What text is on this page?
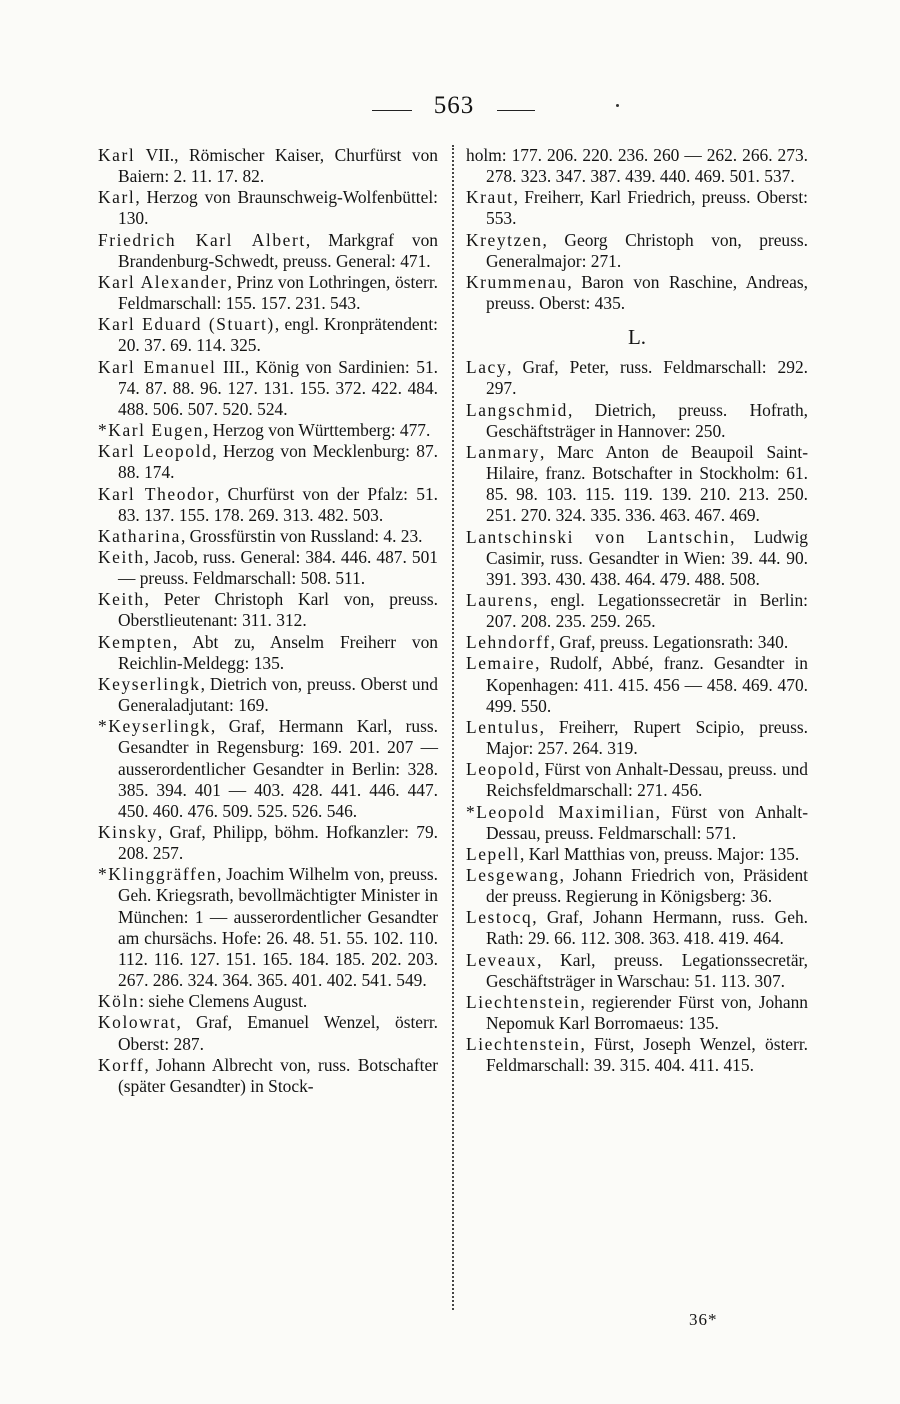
563
Karl VII., Römischer Kaiser, Churfürst von Baiern: 2. 11. 17. 82.
Karl, Herzog von Braunschweig-Wolfenbüttel: 130.
Friedrich Karl Albert, Markgraf von Brandenburg-Schwedt, preuss. General: 471.
Karl Alexander, Prinz von Lothringen, österr. Feldmarschall: 155. 157. 231. 543.
Karl Eduard (Stuart), engl. Kronprätendent: 20. 37. 69. 114. 325.
Karl Emanuel III., König von Sardinien: 51. 74. 87. 88. 96. 127. 131. 155. 372. 422. 484. 488. 506. 507. 520. 524.
*Karl Eugen, Herzog von Württemberg: 477.
Karl Leopold, Herzog von Mecklenburg: 87. 88. 174.
Karl Theodor, Churfürst von der Pfalz: 51. 83. 137. 155. 178. 269. 313. 482. 503.
Katharina, Grossfürstin von Russland: 4. 23.
Keith, Jacob, russ. General: 384. 446. 487. 501 — preuss. Feldmarschall: 508. 511.
Keith, Peter Christoph Karl von, preuss. Oberstlieutenant: 311. 312.
Kempten, Abt zu, Anselm Freiherr von Reichlin-Meldegg: 135.
Keyserlingk, Dietrich von, preuss. Oberst und Generaladjutant: 169.
*Keyserlingk, Graf, Hermann Karl, russ. Gesandter in Regensburg: 169. 201. 207 — ausserordentlicher Gesandter in Berlin: 328. 385. 394. 401 — 403. 428. 441. 446. 447. 450. 460. 476. 509. 525. 526. 546.
Kinsky, Graf, Philipp, böhm. Hofkanzler: 79. 208. 257.
*Klinggräffen, Joachim Wilhelm von, preuss. Geh. Kriegsrath, bevollmächtigter Minister in München: 1 — ausserordentlicher Gesandter am chursächs. Hofe: 26. 48. 51. 55. 102. 110. 112. 116. 127. 151. 165. 184. 185. 202. 203. 267. 286. 324. 364. 365. 401. 402. 541. 549.
Köln: siehe Clemens August.
Kolowrat, Graf, Emanuel Wenzel, österr. Oberst: 287.
Korff, Johann Albrecht von, russ. Botschafter (später Gesandter) in Stock-
holm: 177. 206. 220. 236. 260 — 262. 266. 273. 278. 323. 347. 387. 439. 440. 469. 501. 537.
Kraut, Freiherr, Karl Friedrich, preuss. Oberst: 553.
Kreytzen, Georg Christoph von, preuss. Generalmajor: 271.
Krummenau, Baron von Raschine, Andreas, preuss. Oberst: 435.
L.
Lacy, Graf, Peter, russ. Feldmarschall: 292. 297.
Langschmid, Dietrich, preuss. Hofrath, Geschäftsträger in Hannover: 250.
Lanmary, Marc Anton de Beaupoil Saint-Hilaire, franz. Botschafter in Stockholm: 61. 85. 98. 103. 115. 119. 139. 210. 213. 250. 251. 270. 324. 335. 336. 463. 467. 469.
Lantschinski von Lantschin, Ludwig Casimir, russ. Gesandter in Wien: 39. 44. 90. 391. 393. 430. 438. 464. 479. 488. 508.
Laurens, engl. Legationssecretär in Berlin: 207. 208. 235. 259. 265.
Lehndorff, Graf, preuss. Legationsrath: 340.
Lemaire, Rudolf, Abbé, franz. Gesandter in Kopenhagen: 411. 415. 456 — 458. 469. 470. 499. 550.
Lentulus, Freiherr, Rupert Scipio, preuss. Major: 257. 264. 319.
Leopold, Fürst von Anhalt-Dessau, preuss. und Reichsfeldmarschall: 271. 456.
*Leopold Maximilian, Fürst von Anhalt-Dessau, preuss. Feldmarschall: 571.
Lepell, Karl Matthias von, preuss. Major: 135.
Lesgewang, Johann Friedrich von, Präsident der preuss. Regierung in Königsberg: 36.
Lestocq, Graf, Johann Hermann, russ. Geh. Rath: 29. 66. 112. 308. 363. 418. 419. 464.
Leveaux, Karl, preuss. Legationssecretär, Geschäftsträger in Warschau: 51. 113. 307.
Liechtenstein, regierender Fürst von, Johann Nepomuk Karl Borromaeus: 135.
Liechtenstein, Fürst, Joseph Wenzel, österr. Feldmarschall: 39. 315. 404. 411. 415.
36*
